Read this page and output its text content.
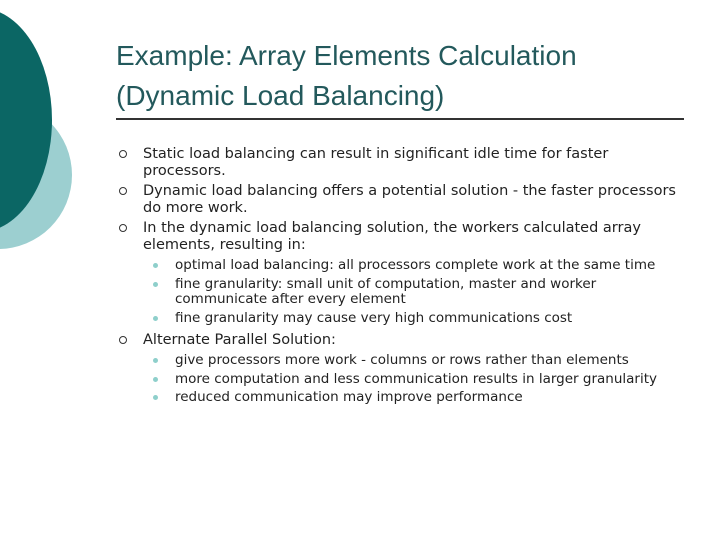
Example: Array Elements Calculation
(Dynamic Load Balancing)
Static load balancing can result in significant idle time for faster processors.
Dynamic load balancing offers a potential solution - the faster processors do more work.
In the dynamic load balancing solution, the workers calculated array elements, resulting in:
optimal load balancing: all processors complete work at the same time
fine granularity: small unit of computation, master and worker communicate after every element
fine granularity may cause very high communications cost
Alternate Parallel Solution:
give processors more work - columns or rows rather than elements
more computation and less communication results in larger granularity
reduced communication may improve performance
